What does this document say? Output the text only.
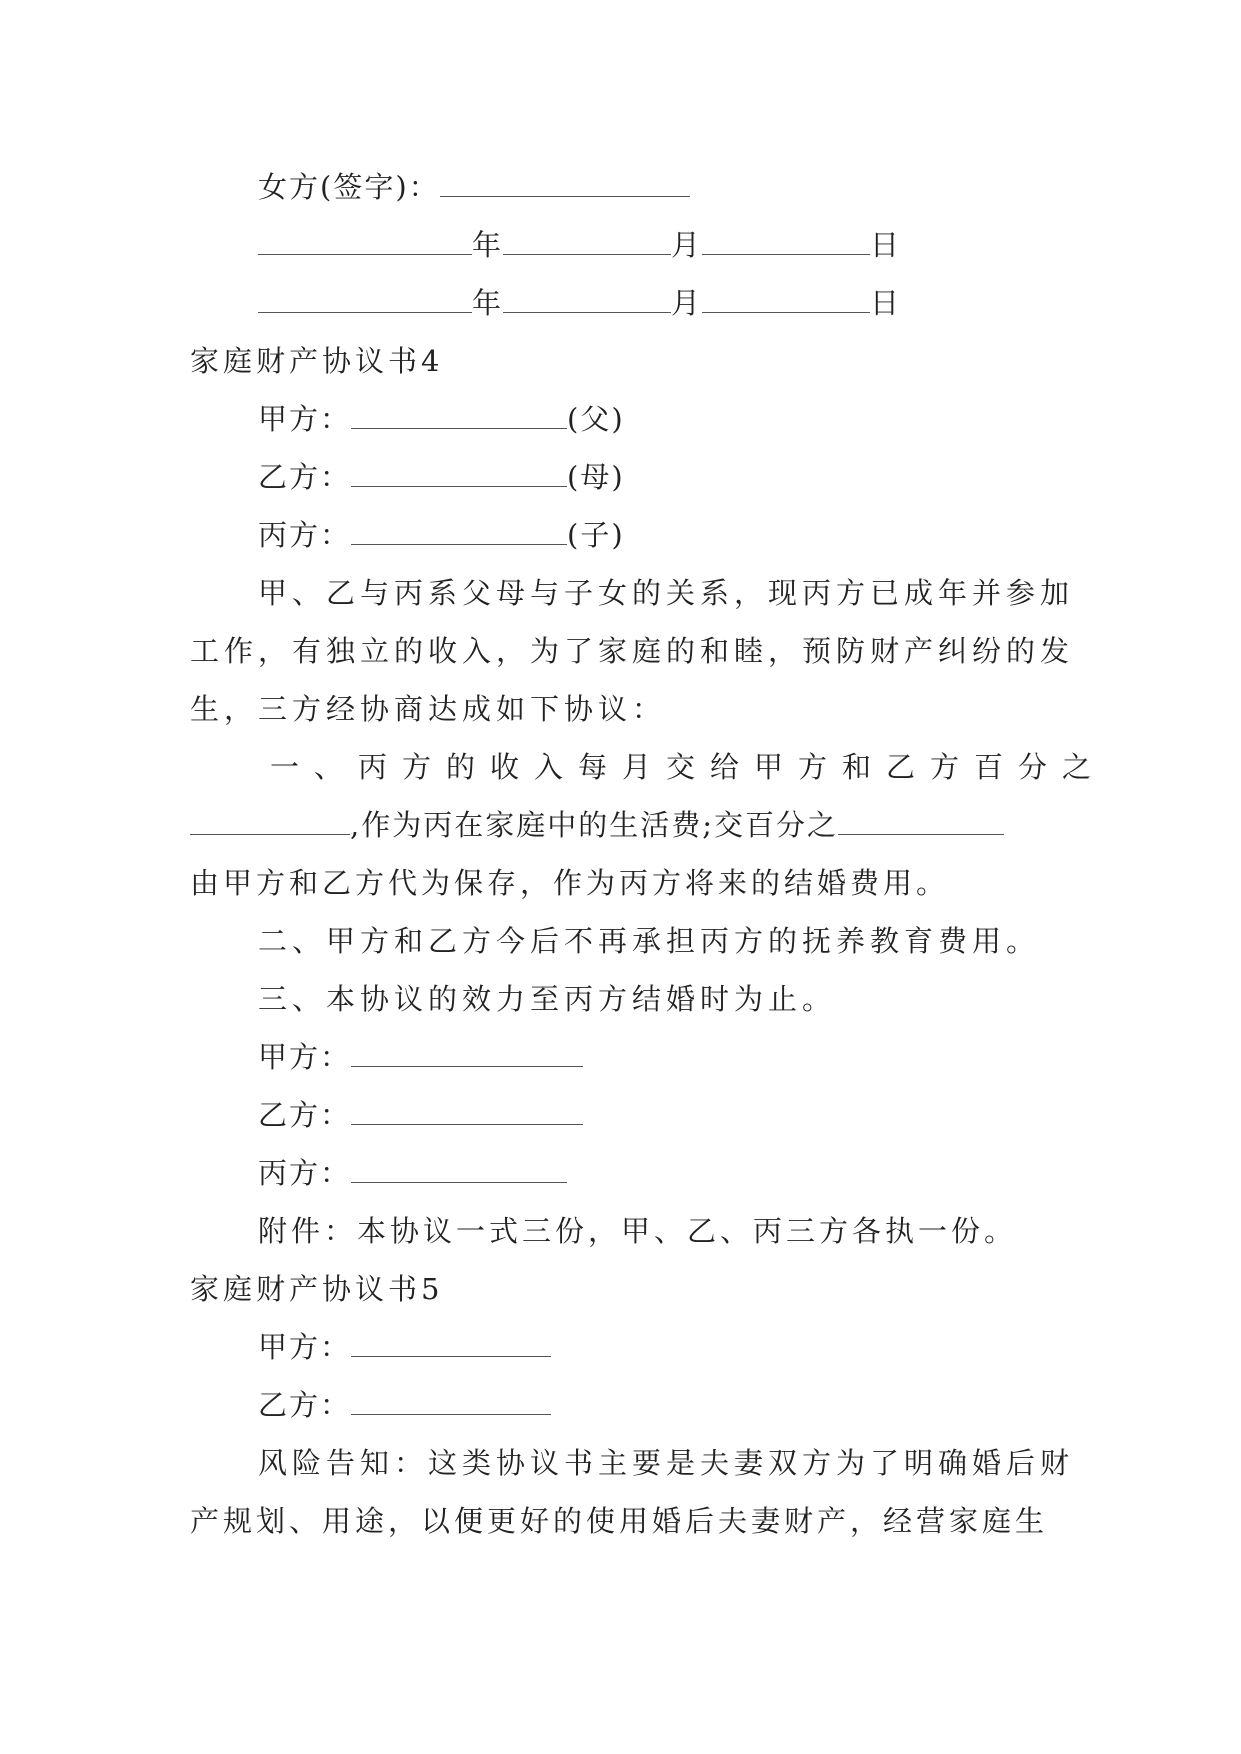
女方(签字)：
年	月	日
年	月	日
家庭财产协议书4
甲方：	(父)
乙方：	(母)
丙方：	(子)
甲、乙与丙系父母与子女的关系，现丙方已成年并参加
工作，有独立的收入，为了家庭的和睦，预防财产纠纷的发
生，三方经协商达成如下协议：
一、丙方的收入每月交给甲方和乙方百分之
,作为丙在家庭中的生活费;交百分之
由甲方和乙方代为保存，作为丙方将来的结婚费用。
二、甲方和乙方今后不再承担丙方的抚养教育费用。
三、本协议的效力至丙方结婚时为止。
甲方：
乙方：
丙方：
附件：本协议一式三份，甲、乙、丙三方各执一份。
家庭财产协议书5
甲方：
乙方：
风险告知：这类协议书主要是夫妻双方为了明确婚后财
产规划、用途，以便更好的使用婚后夫妻财产，经营家庭生
